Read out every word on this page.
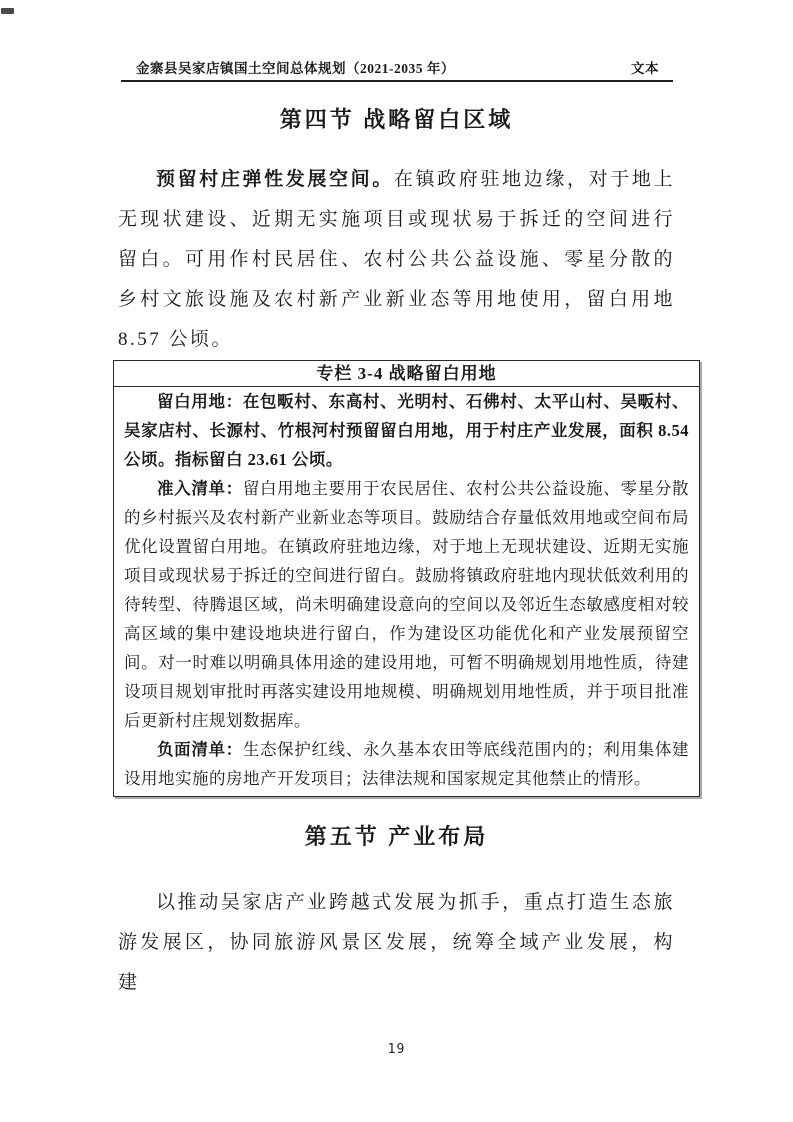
金寨县吴家店镇国土空间总体规划（2021-2035 年）	文本
第四节 战略留白区域

预留村庄弹性发展空间。在镇政府驻地边缘，对于地上无现状建设、近期无实施项目或现状易于拆迁的空间进行留白。可用作村民居住、农村公共公益设施、零星分散的乡村文旅设施及农村新产业新业态等用地使用，留白用地 8.57 公顷。

专栏 3-4 战略留白用地

留白用地：在包畈村、东高村、光明村、石佛村、太平山村、吴畈村、吴家店村、长源村、竹根河村预留留白用地，用于村庄产业发展，面积 8.54 公顷。指标留白 23.61 公顷。

准入清单：留白用地主要用于农民居住、农村公共公益设施、零星分散的乡村振兴及农村新产业新业态等项目。鼓励结合存量低效用地或空间布局优化设置留白用地。在镇政府驻地边缘，对于地上无现状建设、近期无实施项目或现状易于拆迁的空间进行留白。鼓励将镇政府驻地内现状低效利用的待转型、待腾退区域，尚未明确建设意向的空间以及邻近生态敏感度相对较高区域的集中建设地块进行留白，作为建设区功能优化和产业发展预留空间。对一时难以明确具体用途的建设用地，可暂不明确规划用地性质，待建设项目规划审批时再落实建设用地规模、明确规划用地性质，并于项目批准后更新村庄规划数据库。

负面清单：生态保护红线、永久基本农田等底线范围内的；利用集体建设用地实施的房地产开发项目；法律法规和国家规定其他禁止的情形。

第五节 产业布局

以推动吴家店产业跨越式发展为抓手，重点打造生态旅游发展区，协同旅游风景区发展，统筹全域产业发展，构建

19
